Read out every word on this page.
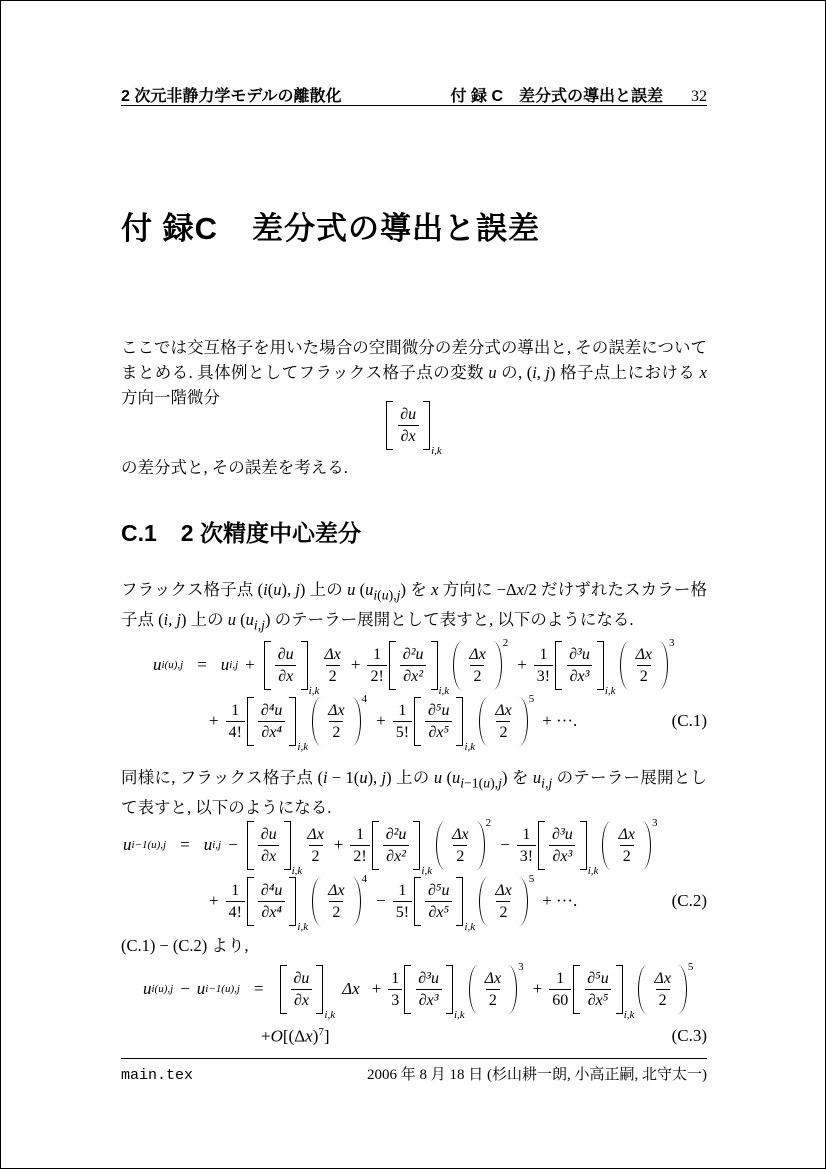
2 次元非静力学モデルの離散化	付 録 C　差分式の導出と誤差 32
付 録C 差分式の導出と誤差
ここでは交互格子を用いた場合の空間微分の差分式の導出と, その誤差についてまとめる. 具体例としてフラックス格子点の変数 u の, (i, j) 格子点上における x 方向一階微分
$\frac{\partial u}{\partial x}$
i,k
の差分式と, その誤差を考える.
C.1 2 次精度中心差分
フラックス格子点 (i(u), j) 上の u $(u_{i(u),j})$ を x 方向に −Δx/2 だけずれたスカラー格子点 (i, j) 上の u $(u_{i,j})$ のテーラー展開として表すと, 以下のようになる.
u i(u),j = u $i,j + \frac{\partial u}{\partial x}$
i,k
$\frac{\Delta x}{2} + \frac{1}{2!} \frac{\text{∂²u}}{\text{∂x²}}$
i,k
$\frac{\Delta x}{2}$
2
+ $\frac{1}{3!} \frac{\text{∂³u}}{\text{∂x³}}$
i,k
$\frac{\Delta x}{2}$
3
+ $\frac{1}{4!} \frac{\text{∂⁴u}}{\text{∂x⁴}}$
i,k
$\frac{\Delta x}{2}$
4
+ $\frac{1}{5!} \frac{\text{∂⁵u}}{\text{∂x⁵}}$
i,k
$\frac{\Delta x}{2}$
5
+ ···.	(C.1)
同様に, フラックス格子点 (i − 1(u), j) 上の u $(u_{i-1(u),j})$ を $u_{i,j}$ のテーラー展開として表すと, 以下のようになる.
u i−1(u),j = u $i,j - \frac{\partial u}{\partial x}$
i,k
$\frac{\Delta x}{2} + \frac{1}{2!} \frac{\text{∂²u}}{\text{∂x²}}$
i,k
$\frac{\Delta x}{2}$
2
− $\frac{1}{3!} \frac{\text{∂³u}}{\text{∂x³}}$
i,k
$\frac{\Delta x}{2}$
3
+ $\frac{1}{4!} \frac{\text{∂⁴u}}{\text{∂x⁴}}$
i,k
$\frac{\Delta x}{2}$
4
− $\frac{1}{5!} \frac{\text{∂⁵u}}{\text{∂x⁵}}$
i,k
$\frac{\Delta x}{2}$
5
+ ···.	(C.2)
(C.1) − (C.2) より,
u i(u),j − u $i-1(u),j = \frac{\partial u}{\partial x}$
i,k
$\Delta x + \frac{1}{3} \frac{\text{∂³u}}{\text{∂x³}}$
i,k
$\frac{\Delta x}{2}$
3
+ $\frac{1}{60} \frac{\text{∂⁵u}}{\text{∂x⁵}}$
i,k
$\frac{\Delta x}{2}$
5
$+O[(\Delta x)^7]$	(C.3)
main.tex	2006 年 8 月 18 日 (杉山耕一朗, 小高正嗣, 北守太一)
